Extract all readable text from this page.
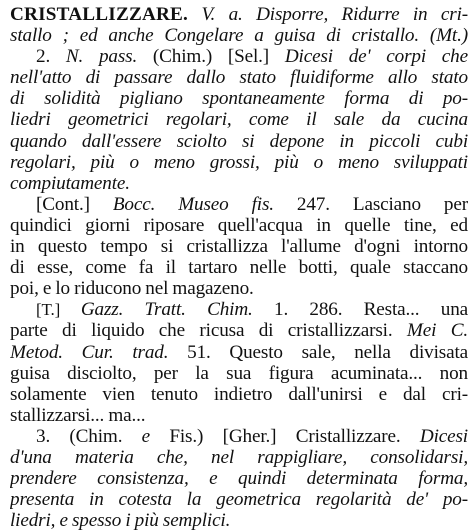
CRISTALLIZZARE. V. a. Disporre, Ridurre in cri-
stallo ; ed anche Congelare a guisa di cristallo. (Mt.)
2. N. pass. (Chim.) [Sel.] Dicesi de' corpi che
nell'atto di passare dallo stato fluidiforme allo stato
di solidità pigliano spontaneamente forma di po-
liedri geometrici regolari, come il sale da cucina
quando dall'essere sciolto si depone in piccoli cubi
regolari, più o meno grossi, più o meno sviluppati
compiutamente.
[Cont.] Bocc. Museo fis. 247. Lasciano per
quindici giorni riposare quell'acqua in quelle tine, ed
in questo tempo si cristallizza l'allume d'ogni intorno
di esse, come fa il tartaro nelle botti, quale staccano
poi, e lo riducono nel magazeno.
[T.] Gazz. Tratt. Chim. 1. 286. Resta... una
parte di liquido che ricusa di cristallizzarsi. Mei C.
Metod. Cur. trad. 51. Questo sale, nella divisata
guisa disciolto, per la sua figura acuminata... non
solamente vien tenuto indietro dall'unirsi e dal cri-
stallizzarsi... ma...
3. (Chim. e Fis.) [Gher.] Cristallizzare. Dicesi
d'una materia che, nel rappigliare, consolidarsi,
prendere consistenza, e quindi determinata forma,
presenta in cotesta la geometrica regolarità de' po-
liedri, e spesso i più semplici.
